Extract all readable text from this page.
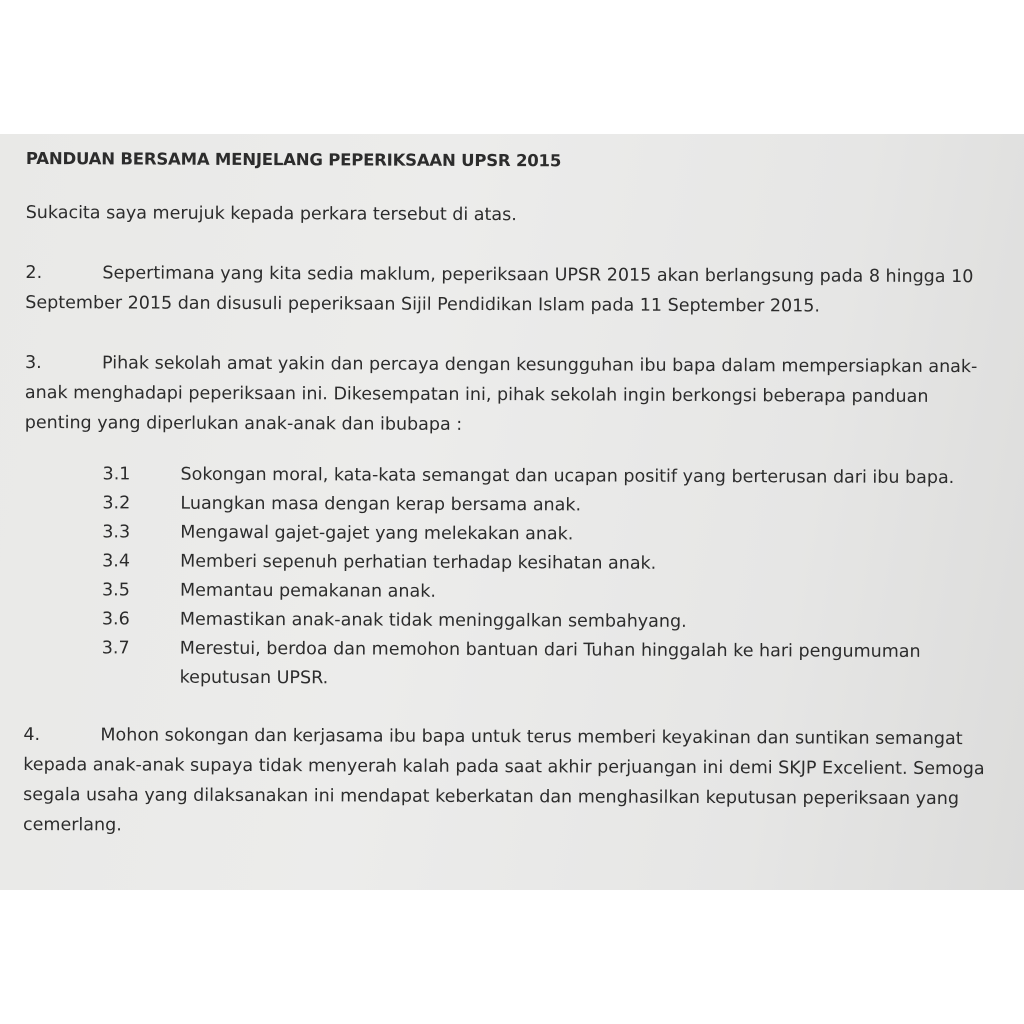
PANDUAN BERSAMA MENJELANG PEPERIKSAAN UPSR 2015

Sukacita saya merujuk kepada perkara tersebut di atas.

2.	Sepertimana yang kita sedia maklum, peperiksaan UPSR 2015 akan berlangsung pada 8 hingga 10 September 2015 dan disusuli peperiksaan Sijil Pendidikan Islam pada 11 September 2015.

3.	Pihak sekolah amat yakin dan percaya dengan kesungguhan ibu bapa dalam mempersiapkan anak-anak menghadapi peperiksaan ini. Dikesempatan ini, pihak sekolah ingin berkongsi beberapa panduan penting yang diperlukan anak-anak dan ibubapa :

3.1	Sokongan moral, kata-kata semangat dan ucapan positif yang berterusan dari ibu bapa.
3.2	Luangkan masa dengan kerap bersama anak.
3.3	Mengawal gajet-gajet yang melekakan anak.
3.4	Memberi sepenuh perhatian terhadap kesihatan anak.
3.5	Memantau pemakanan anak.
3.6	Memastikan anak-anak tidak meninggalkan sembahyang.
3.7	Merestui, berdoa dan memohon bantuan dari Tuhan hinggalah ke hari pengumuman keputusan UPSR.

4.	Mohon sokongan dan kerjasama ibu bapa untuk terus memberi keyakinan dan suntikan semangat kepada anak-anak supaya tidak menyerah kalah pada saat akhir perjuangan ini demi SKJP Excelient. Semoga segala usaha yang dilaksanakan ini mendapat keberkatan dan menghasilkan keputusan peperiksaan yang cemerlang.
